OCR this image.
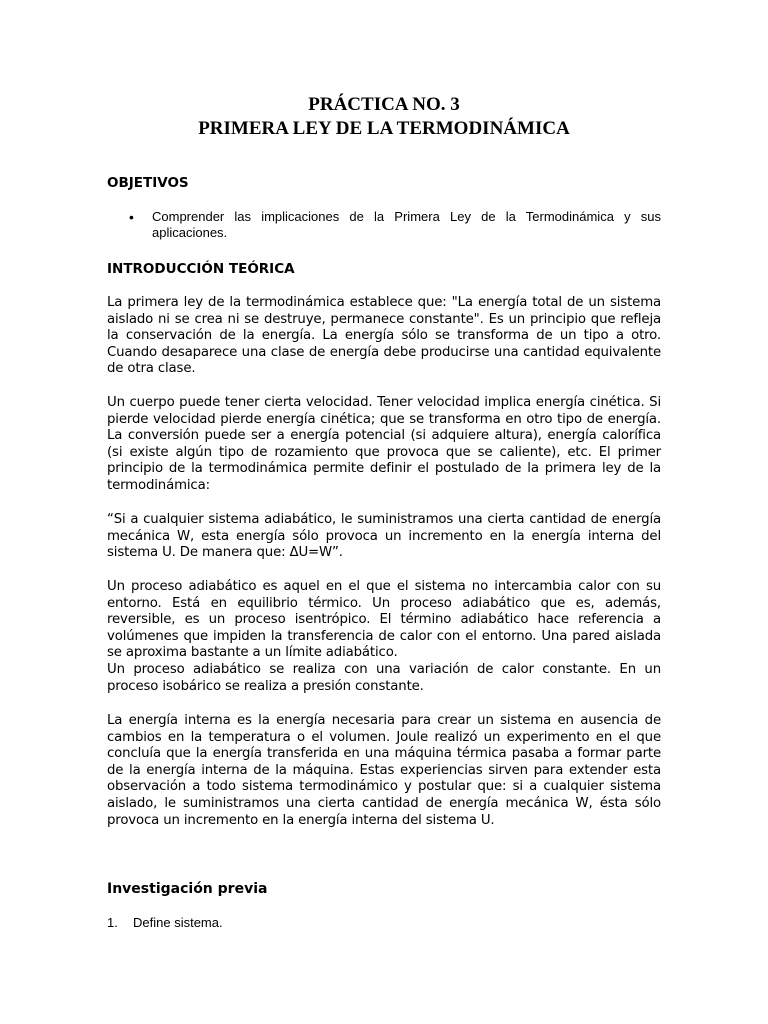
PRÁCTICA NO. 3
PRIMERA LEY DE LA TERMODINÁMICA
OBJETIVOS
• Comprender las implicaciones de la Primera Ley de la Termodinámica y sus aplicaciones.
INTRODUCCIÓN TEÓRICA

La primera ley de la termodinámica establece que: "La energía total de un sistema aislado ni se crea ni se destruye, permanece constante". Es un principio que refleja la conservación de la energía. La energía sólo se transforma de un tipo a otro. Cuando desaparece una clase de energía debe producirse una cantidad equivalente de otra clase.

Un cuerpo puede tener cierta velocidad. Tener velocidad implica energía cinética. Si pierde velocidad pierde energía cinética; que se transforma en otro tipo de energía. La conversión puede ser a energía potencial (si adquiere altura), energía calorífica (si existe algún tipo de rozamiento que provoca que se caliente), etc. El primer principio de la termodinámica permite definir el postulado de la primera ley de la termodinámica:

“Si a cualquier sistema adiabático, le suministramos una cierta cantidad de energía mecánica W, esta energía sólo provoca un incremento en la energía interna del sistema U. De manera que: ΔU=W”.

Un proceso adiabático es aquel en el que el sistema no intercambia calor con su entorno. Está en equilibrio térmico. Un proceso adiabático que es, además, reversible, es un proceso isentrópico. El término adiabático hace referencia a volúmenes que impiden la transferencia de calor con el entorno. Una pared aislada se aproxima bastante a un límite adiabático.

Un proceso adiabático se realiza con una variación de calor constante. En un proceso isobárico se realiza a presión constante.

La energía interna es la energía necesaria para crear un sistema en ausencia de cambios en la temperatura o el volumen. Joule realizó un experimento en el que concluía que la energía transferida en una máquina térmica pasaba a formar parte de la energía interna de la máquina. Estas experiencias sirven para extender esta observación a todo sistema termodinámico y postular que: si a cualquier sistema aislado, le suministramos una cierta cantidad de energía mecánica W, ésta sólo provoca un incremento en la energía interna del sistema U.

Investigación previa
1. Define sistema.
